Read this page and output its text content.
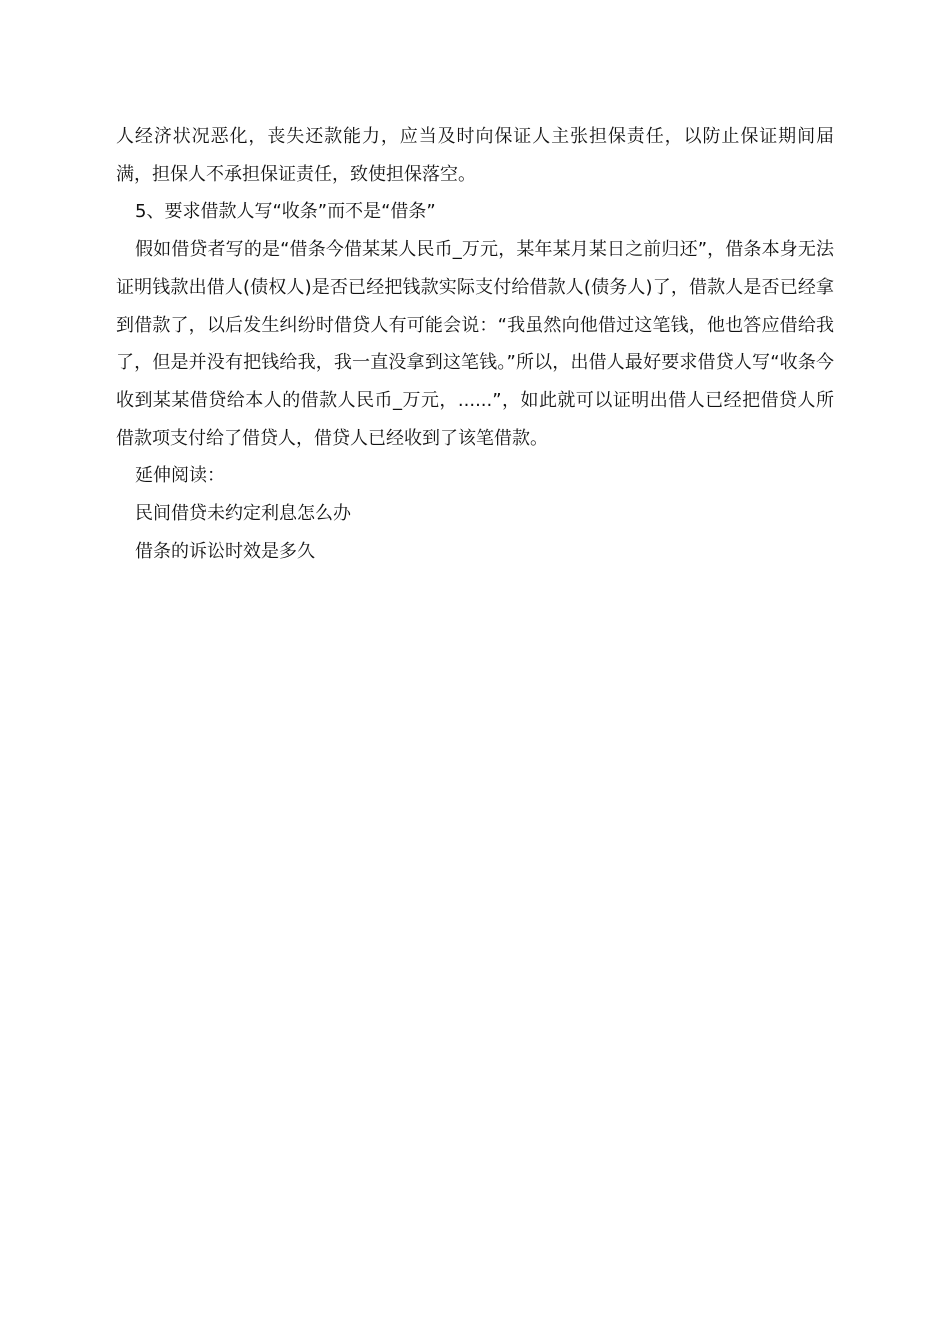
人经济状况恶化，丧失还款能力，应当及时向保证人主张担保责任，以防止保证期间届满，担保人不承担保证责任，致使担保落空。

5、要求借款人写“收条”而不是“借条”

假如借贷者写的是“借条今借某某人民币_万元，某年某月某日之前归还”，借条本身无法证明钱款出借人(债权人)是否已经把钱款实际支付给借款人(债务人)了，借款人是否已经拿到借款了，以后发生纠纷时借贷人有可能会说：“我虽然向他借过这笔钱，他也答应借给我了，但是并没有把钱给我，我一直没拿到这笔钱。”所以，出借人最好要求借贷人写“收条今收到某某借贷给本人的借款人民币_万元，......”，如此就可以证明出借人已经把借贷人所借款项支付给了借贷人，借贷人已经收到了该笔借款。

延伸阅读：

民间借贷未约定利息怎么办

借条的诉讼时效是多久
